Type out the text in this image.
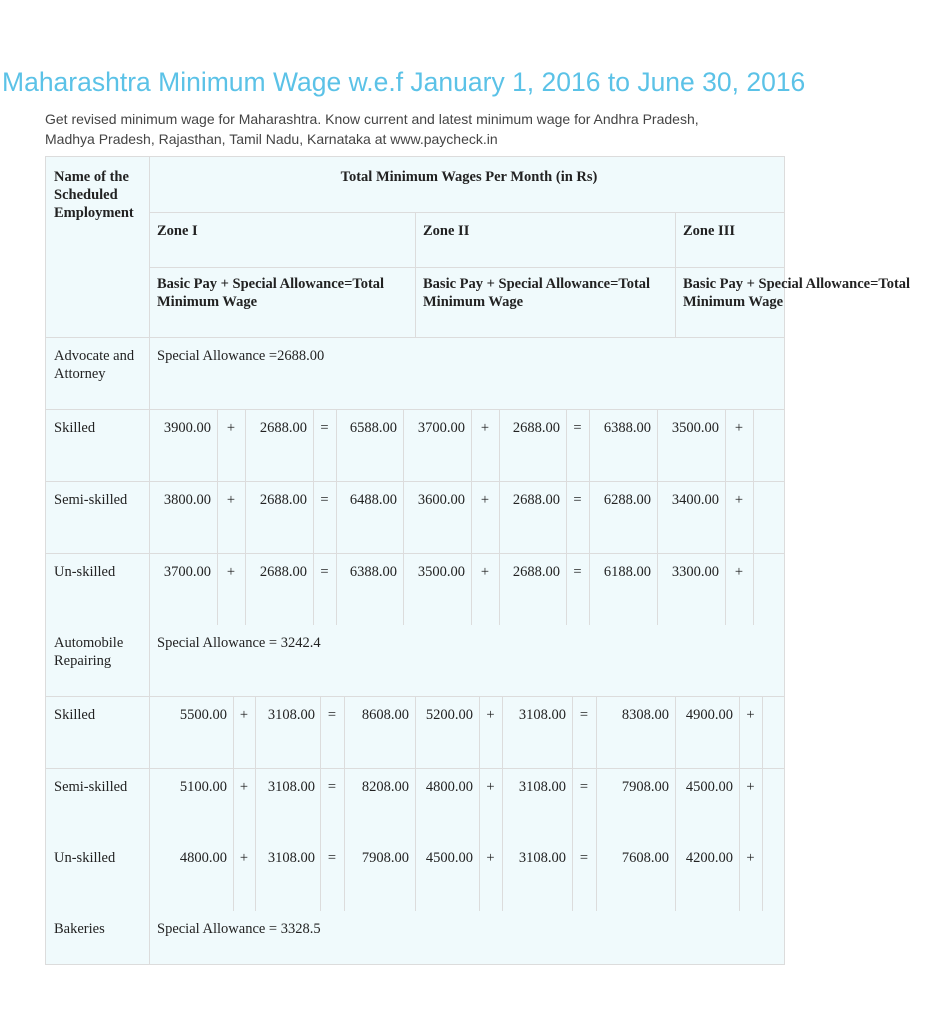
Maharashtra Minimum Wage w.e.f January 1, 2016 to June 30, 2016
Get revised minimum wage for Maharashtra. Know current and latest minimum wage for Andhra Pradesh, Madhya Pradesh, Rajasthan, Tamil Nadu, Karnataka at www.paycheck.in
Name of the Scheduled Employment
Total Minimum Wages Per Month (in Rs)
Zone I	Zone II	Zone III
Basic Pay + Special Allowance=Total Minimum Wage
Basic Pay + Special Allowance=Total Minimum Wage
Basic Pay + Special Allowance=Total Minimum Wage
Advocate and Attorney
Special Allowance =2688.00
Skilled	3900.00	+	2688.00 =	6588.00	3700.00	+	2688.00 =	6388.00	3500.00	+
Semi-skilled	3800.00	+	2688.00 =	6488.00	3600.00	+	2688.00 =	6288.00	3400.00	+
Un-skilled	3700.00	+	2688.00 =	6388.00	3500.00	+	2688.00 =	6188.00	3300.00	+
Automobile Repairing
Special Allowance = 3242.4
Skilled	5500.00 +	3108.00 =	8608.00	5200.00 +	3108.00 =	8308.00	4900.00 +
Semi-skilled	5100.00 +	3108.00 =	8208.00	4800.00 +	3108.00 =	7908.00	4500.00 +
Un-skilled	4800.00 +	3108.00 =	7908.00	4500.00 +	3108.00 =	7608.00	4200.00 +
Bakeries	Special Allowance = 3328.5
